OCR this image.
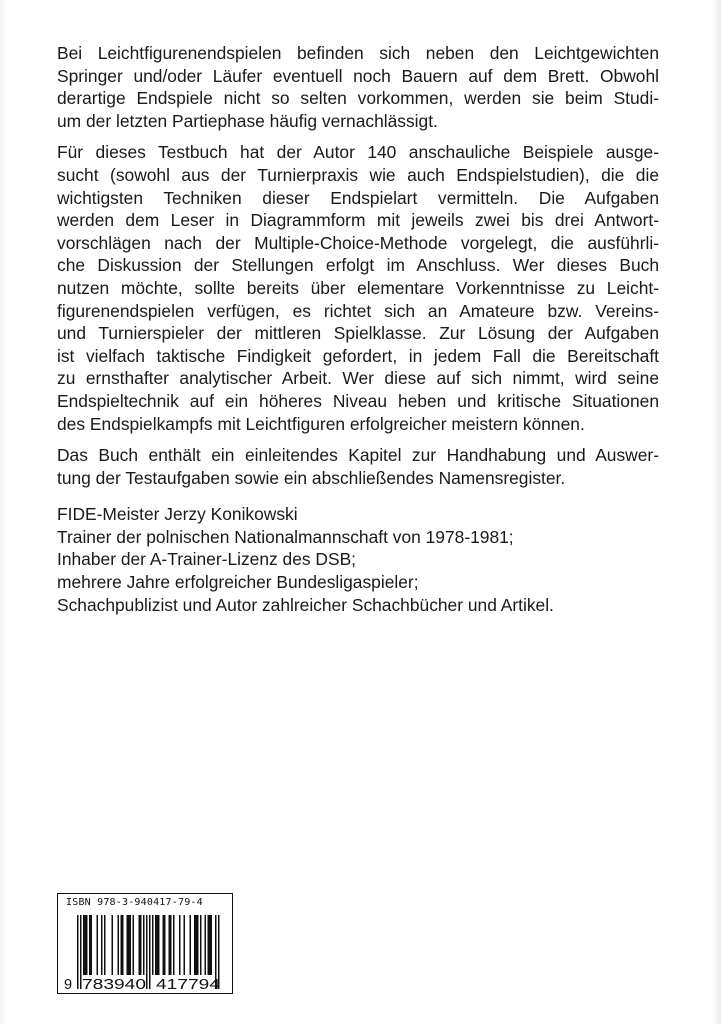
Bei Leichtfigurenendspielen befinden sich neben den Leichtgewichten
Springer und/oder Läufer eventuell noch Bauern auf dem Brett. Obwohl
derartige Endspiele nicht so selten vorkommen, werden sie beim Studi-
um der letzten Partiephase häufig vernachlässigt.

Für dieses Testbuch hat der Autor 140 anschauliche Beispiele ausge-
sucht (sowohl aus der Turnierpraxis wie auch Endspielstudien), die die
wichtigsten Techniken dieser Endspielart vermitteln. Die Aufgaben
werden dem Leser in Diagrammform mit jeweils zwei bis drei Antwort-
vorschlägen nach der Multiple-Choice-Methode vorgelegt, die ausführli-
che Diskussion der Stellungen erfolgt im Anschluss. Wer dieses Buch
nutzen möchte, sollte bereits über elementare Vorkenntnisse zu Leicht-
figurenendspielen verfügen, es richtet sich an Amateure bzw. Vereins-
und Turnierspieler der mittleren Spielklasse. Zur Lösung der Aufgaben
ist vielfach taktische Findigkeit gefordert, in jedem Fall die Bereitschaft
zu ernsthafter analytischer Arbeit. Wer diese auf sich nimmt, wird seine
Endspieltechnik auf ein höheres Niveau heben und kritische Situationen
des Endspielkampfs mit Leichtfiguren erfolgreicher meistern können.

Das Buch enthält ein einleitendes Kapitel zur Handhabung und Auswer-
tung der Testaufgaben sowie ein abschließendes Namensregister.

FIDE-Meister Jerzy Konikowski
Trainer der polnischen Nationalmannschaft von 1978-1981;
Inhaber der A-Trainer-Lizenz des DSB;
mehrere Jahre erfolgreicher Bundesligaspieler;
Schachpublizist und Autor zahlreicher Schachbücher und Artikel.
ISBN 978-3-940417-79-4
9 783940 417794
